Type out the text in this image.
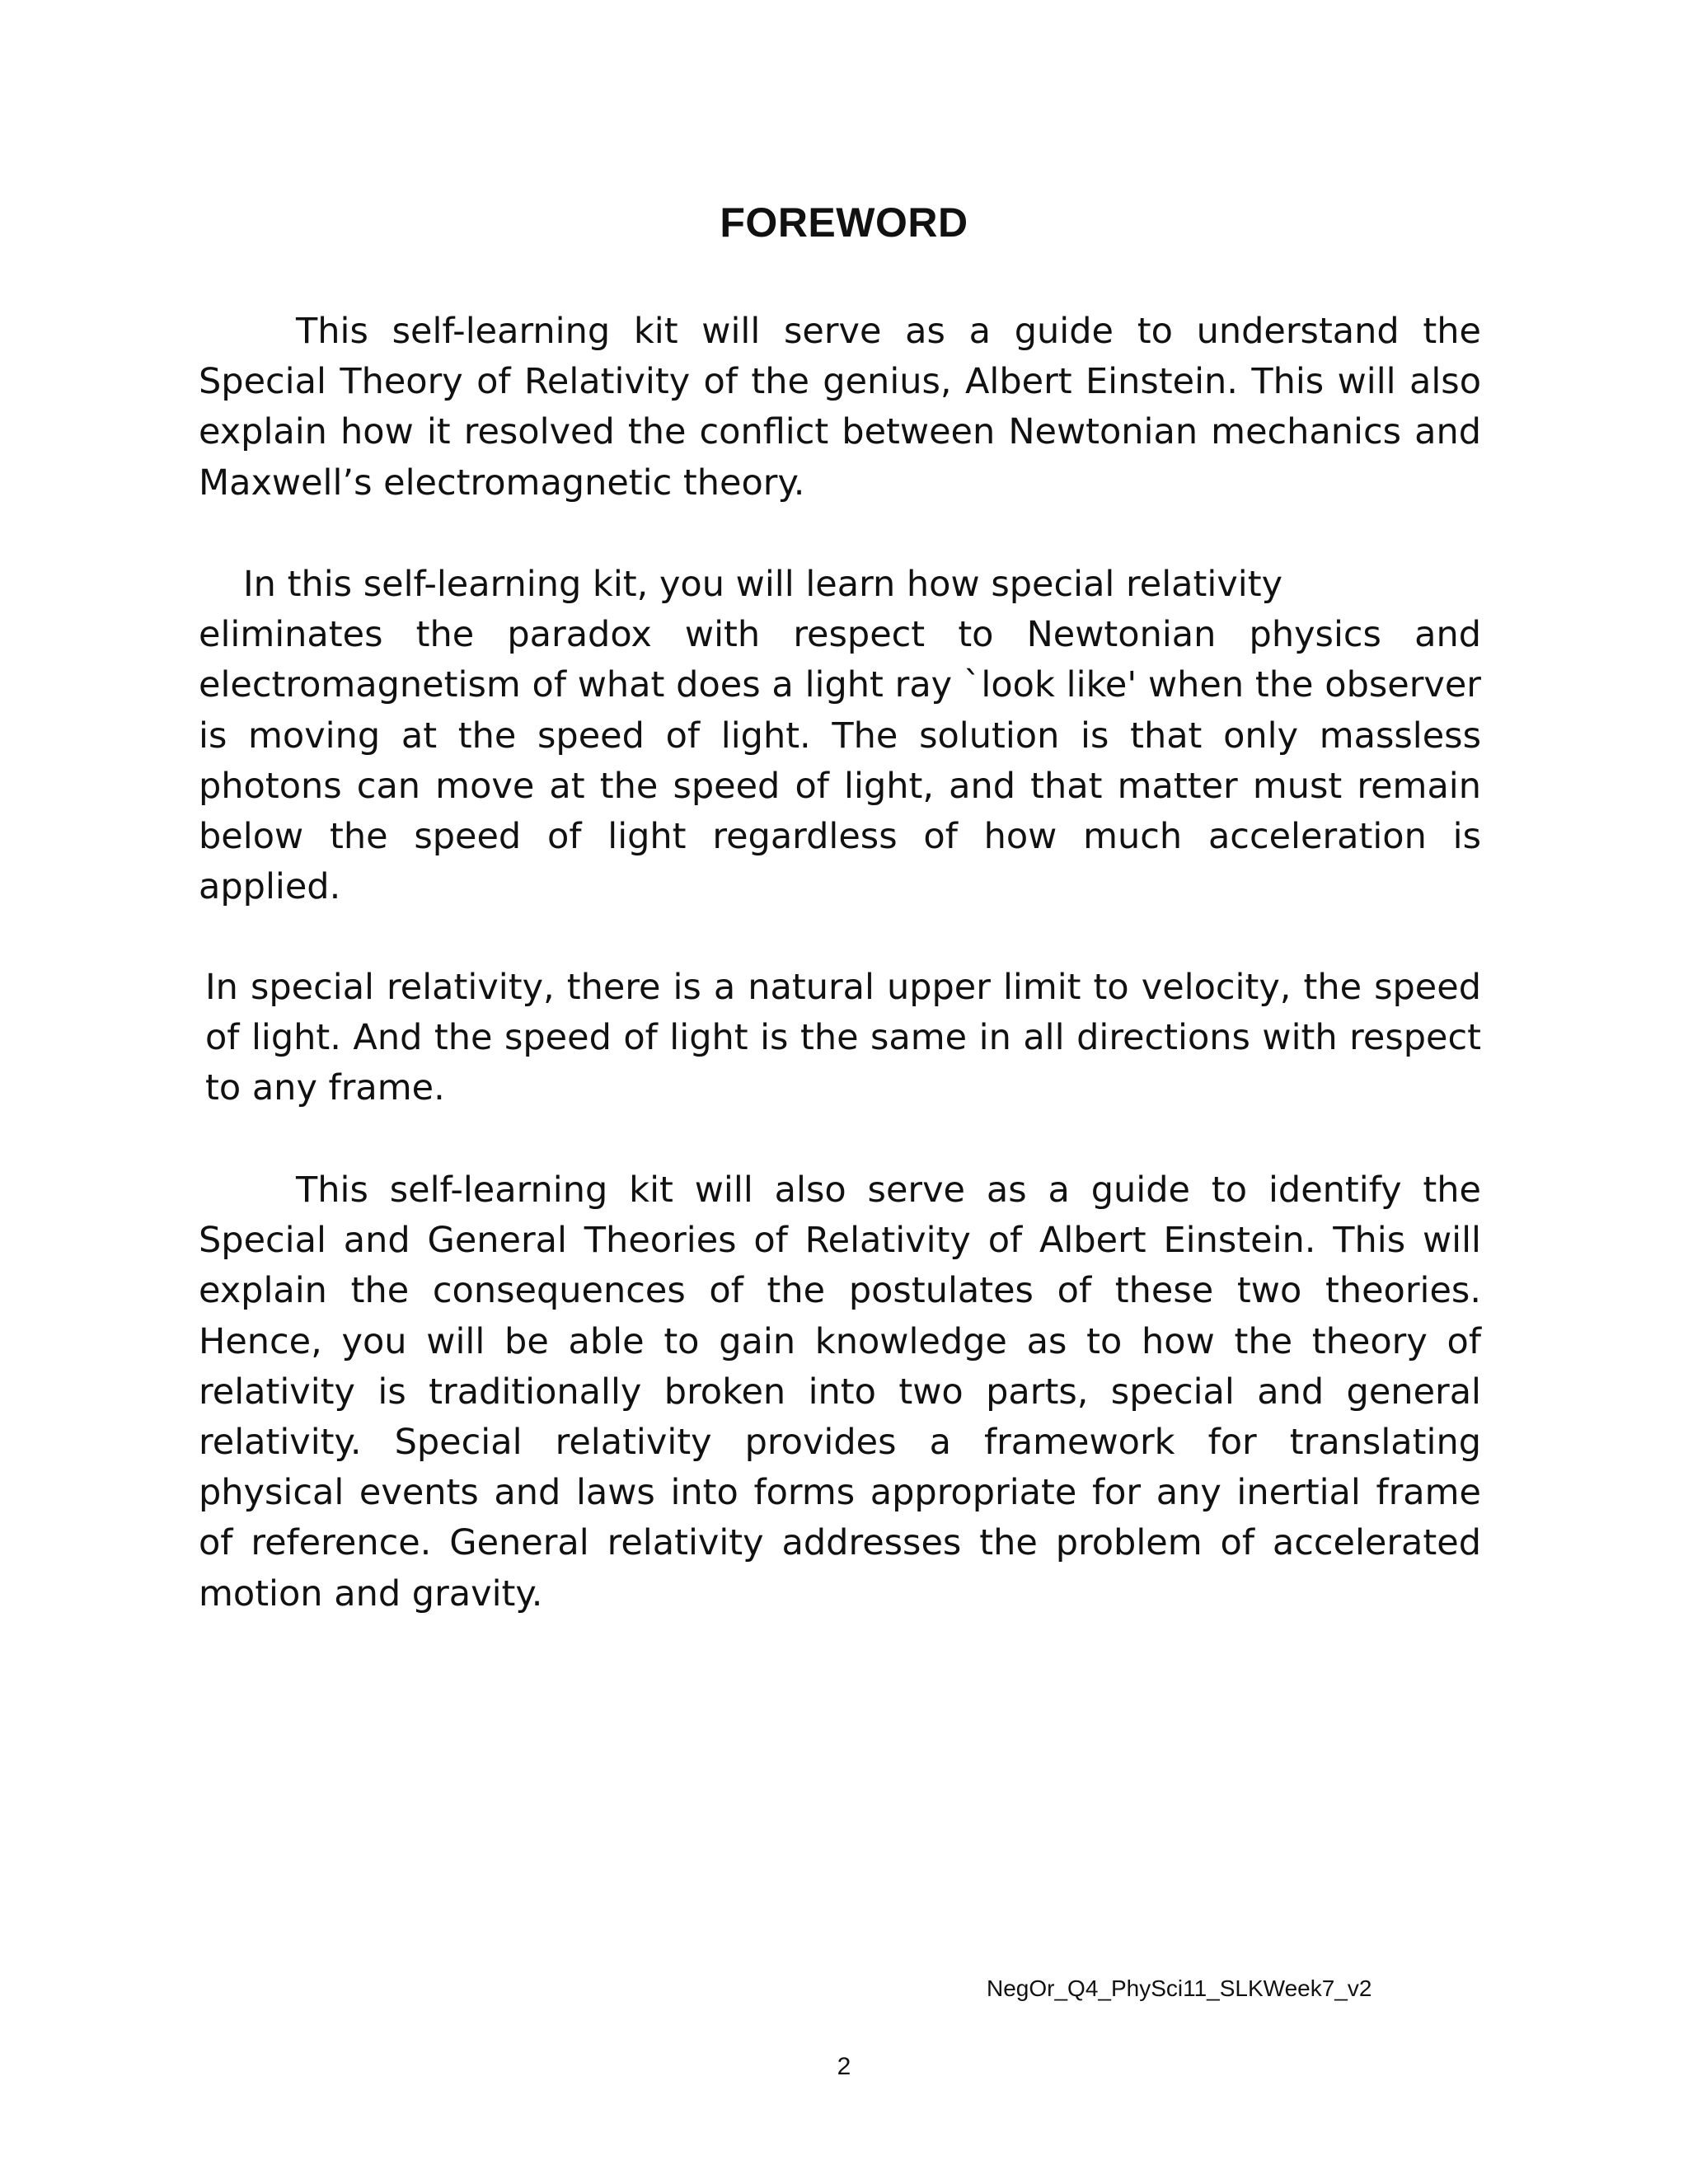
FOREWORD

This self-learning kit will serve as a guide to understand the Special Theory of Relativity of the genius, Albert Einstein. This will also explain how it resolved the conflict between Newtonian mechanics and Maxwell’s electromagnetic theory.

In this self-learning kit, you will learn how special relativity
eliminates the paradox with respect to Newtonian physics and electromagnetism of what does a light ray `look like' when the observer is moving at the speed of light. The solution is that only massless photons can move at the speed of light, and that matter must remain below the speed of light regardless of how much acceleration is applied.

In special relativity, there is a natural upper limit to velocity, the speed of light. And the speed of light is the same in all directions with respect to any frame.

This self-learning kit will also serve as a guide to identify the Special and General Theories of Relativity of Albert Einstein. This will explain the consequences of the postulates of these two theories. Hence, you will be able to gain knowledge as to how the theory of relativity is traditionally broken into two parts, special and general relativity. Special relativity provides a framework for translating physical events and laws into forms appropriate for any inertial frame of reference. General relativity addresses the problem of accelerated motion and gravity.

NegOr_Q4_PhySci11_SLKWeek7_v2
2
